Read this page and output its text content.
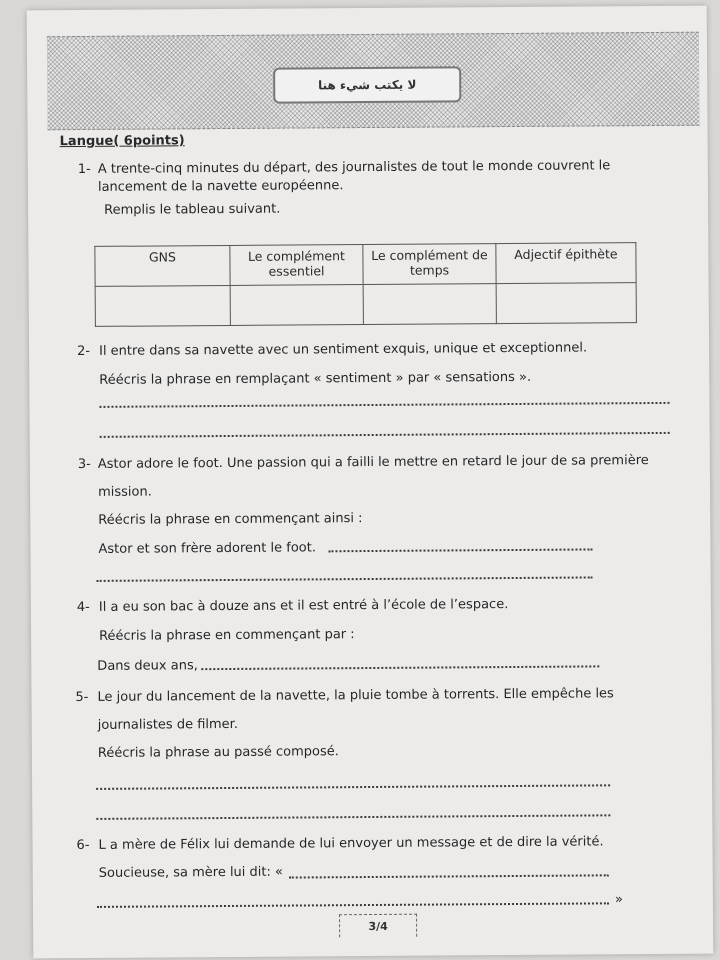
لا يكتب شيء هنا
Langue( 6points)
1- A trente-cinq minutes du départ, des journalistes de tout le monde couvrent le
lancement de la navette européenne.
Remplis le tableau suivant.
GNS	Le complément essentiel	Le complément de temps	Adjectif épithète

2- Il entre dans sa navette avec un sentiment exquis, unique et exceptionnel.
Réécris la phrase en remplaçant « sentiment » par « sensations ».
3- Astor adore le foot. Une passion qui a failli le mettre en retard le jour de sa première
mission.
Réécris la phrase en commençant ainsi :
Astor et son frère adorent le foot.
4- Il a eu son bac à douze ans et il est entré à l’école de l’espace.
Réécris la phrase en commençant par :
Dans deux ans,
5- Le jour du lancement de la navette, la pluie tombe à torrents. Elle empêche les
journalistes de filmer.
Réécris la phrase au passé composé.
6- L a mère de Félix lui demande de lui envoyer un message et de dire la vérité.
Soucieuse, sa mère lui dit: «
»
3/4
